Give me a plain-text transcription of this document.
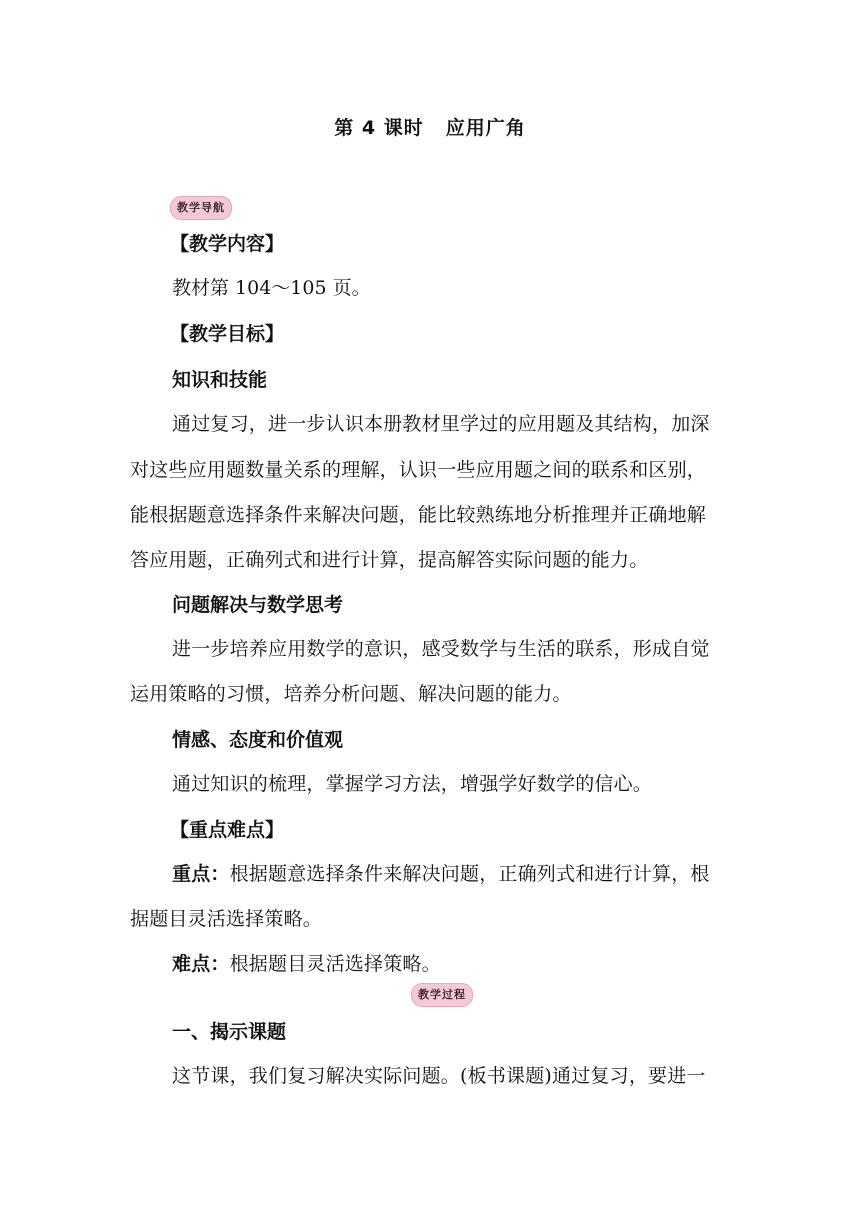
第 4 课时 应用广角
教学导航
【教学内容】
教材第 104～105 页。
【教学目标】
知识和技能
通过复习，进一步认识本册教材里学过的应用题及其结构，加深
对这些应用题数量关系的理解，认识一些应用题之间的联系和区别，
能根据题意选择条件来解决问题，能比较熟练地分析推理并正确地解
答应用题，正确列式和进行计算，提高解答实际问题的能力。
问题解决与数学思考
进一步培养应用数学的意识，感受数学与生活的联系，形成自觉
运用策略的习惯，培养分析问题、解决问题的能力。
情感、态度和价值观
通过知识的梳理，掌握学习方法，增强学好数学的信心。
【重点难点】
重点：根据题意选择条件来解决问题，正确列式和进行计算，根
据题目灵活选择策略。
难点：根据题目灵活选择策略。
教学过程
一、揭示课题
这节课，我们复习解决实际问题。(板书课题)通过复习，要进一
